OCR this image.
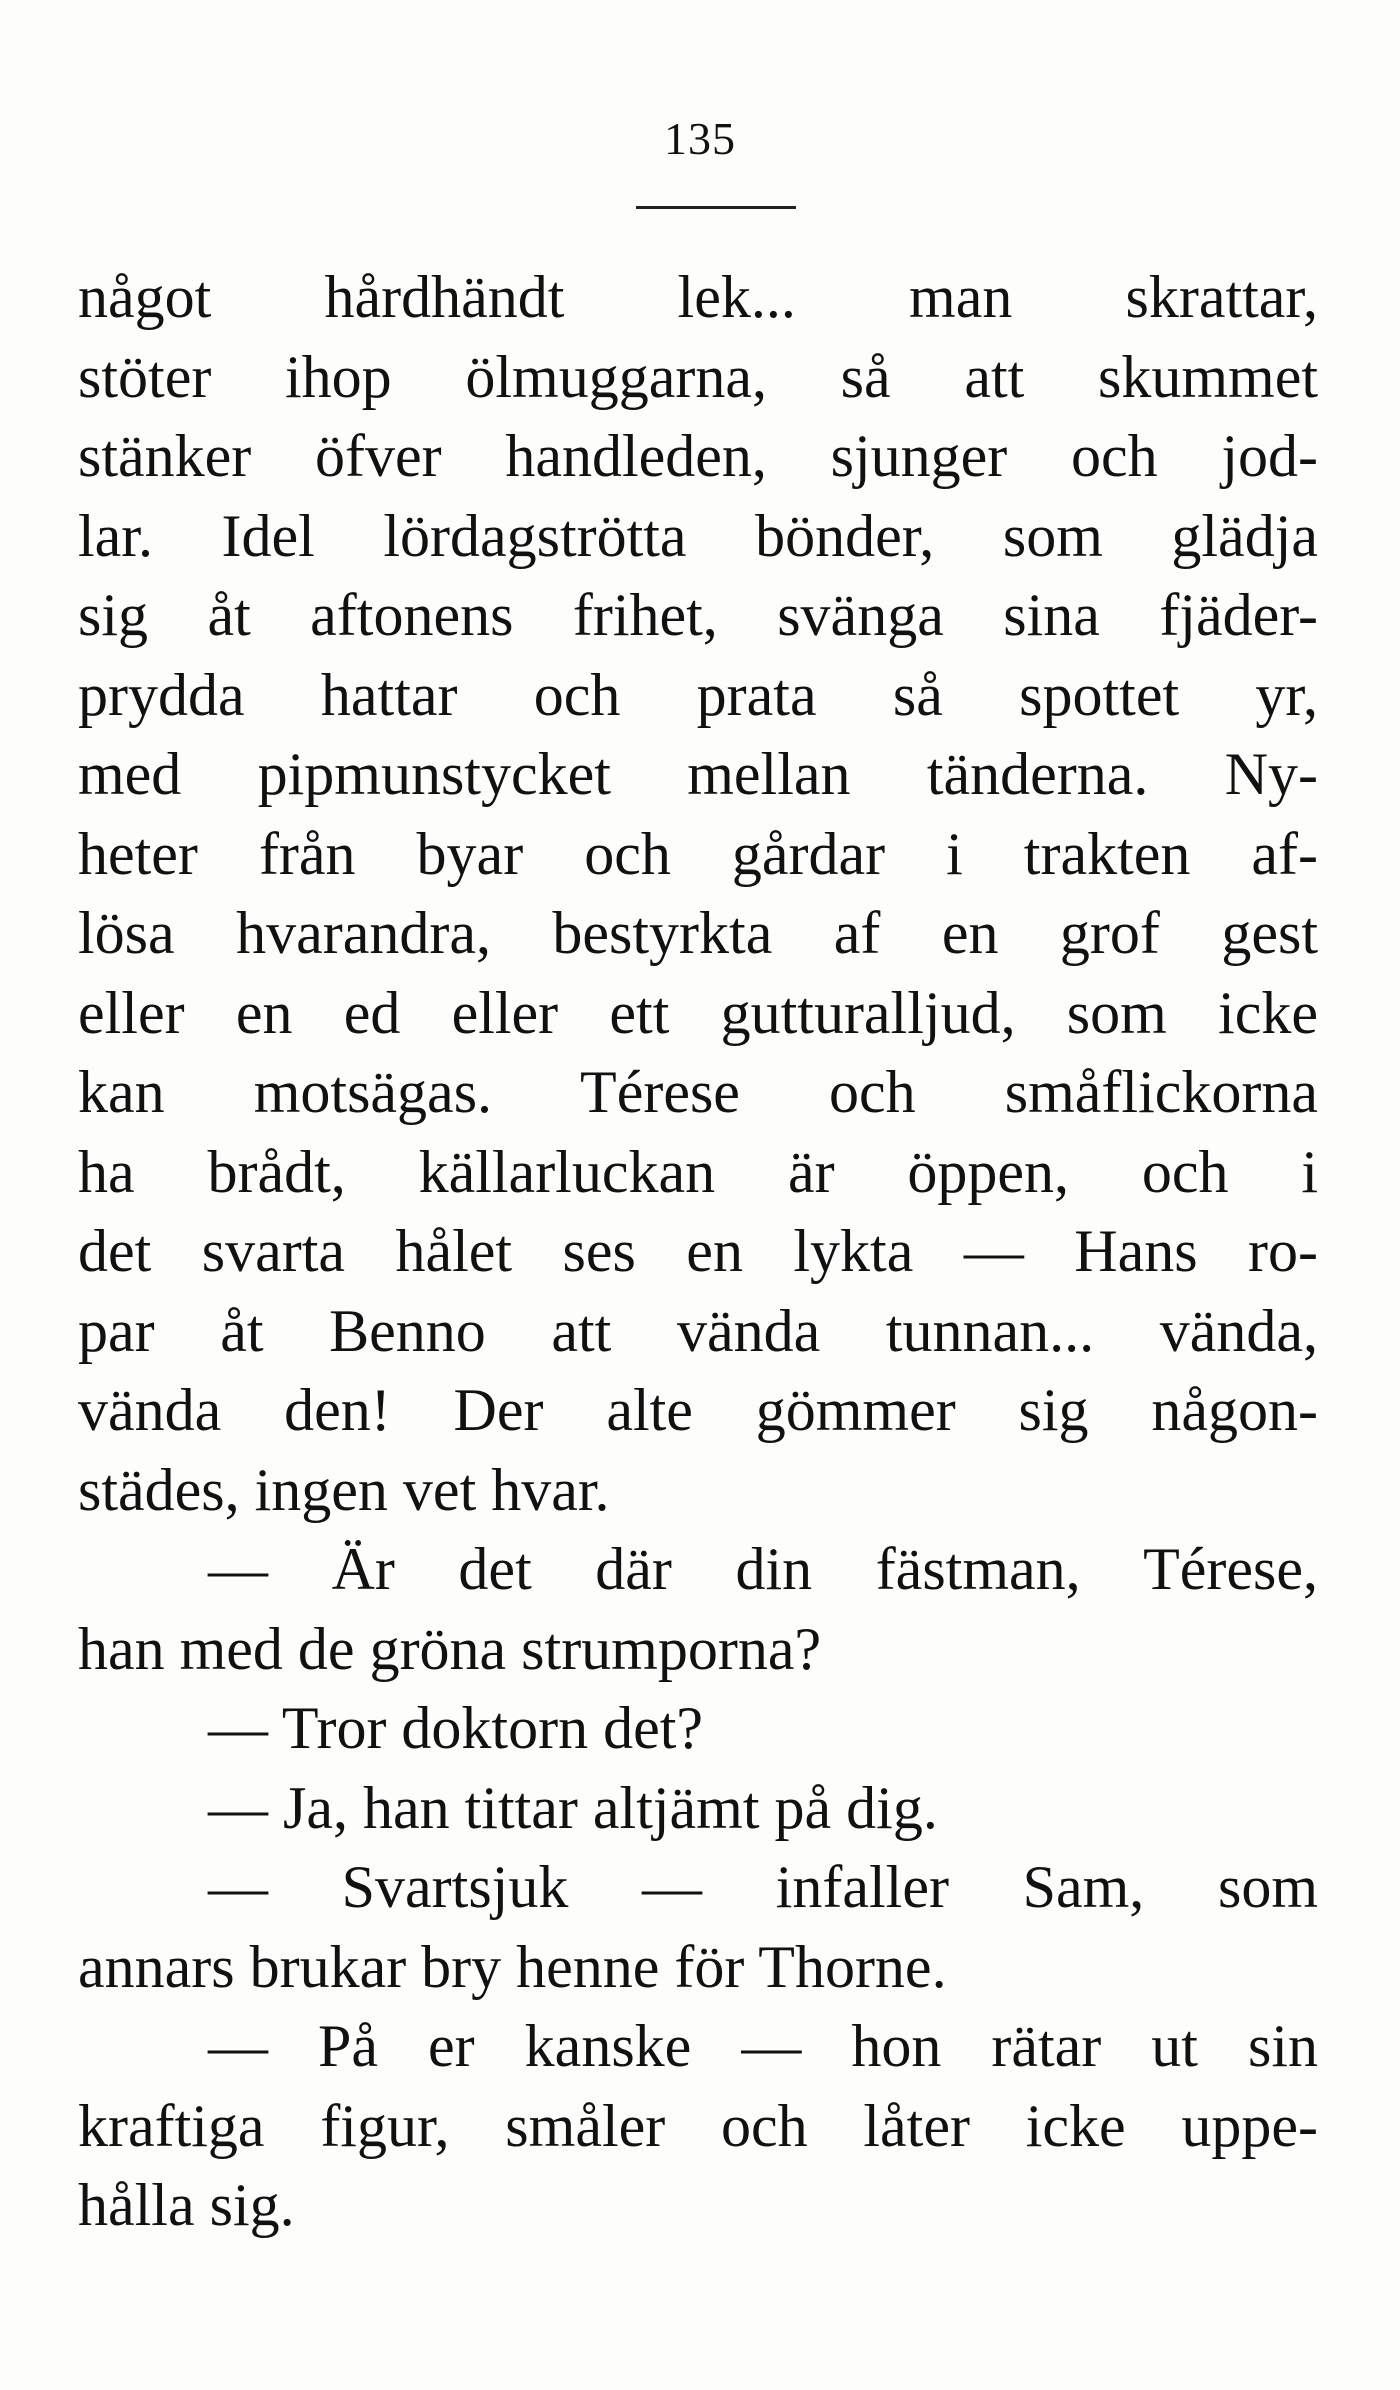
135
något hårdhändt lek... man skrattar,
stöter ihop ölmuggarna, så att skummet
stänker öfver handleden, sjunger och jod-
lar. Idel lördagströtta bönder, som glädja
sig åt aftonens frihet, svänga sina fjäder-
prydda hattar och prata så spottet yr,
med pipmunstycket mellan tänderna. Ny-
heter från byar och gårdar i trakten af-
lösa hvarandra, bestyrkta af en grof gest
eller en ed eller ett gutturalljud, som icke
kan motsägas. Térese och småflickorna
ha brådt, källarluckan är öppen, och i
det svarta hålet ses en lykta — Hans ro-
par åt Benno att vända tunnan... vända,
vända den! Der alte gömmer sig någon-
städes, ingen vet hvar.
— Är det där din fästman, Térese,
han med de gröna strumporna?
— Tror doktorn det?
— Ja, han tittar altjämt på dig.
— Svartsjuk — infaller Sam, som
annars brukar bry henne för Thorne.
— På er kanske — hon rätar ut sin
kraftiga figur, småler och låter icke uppe-
hålla sig.
